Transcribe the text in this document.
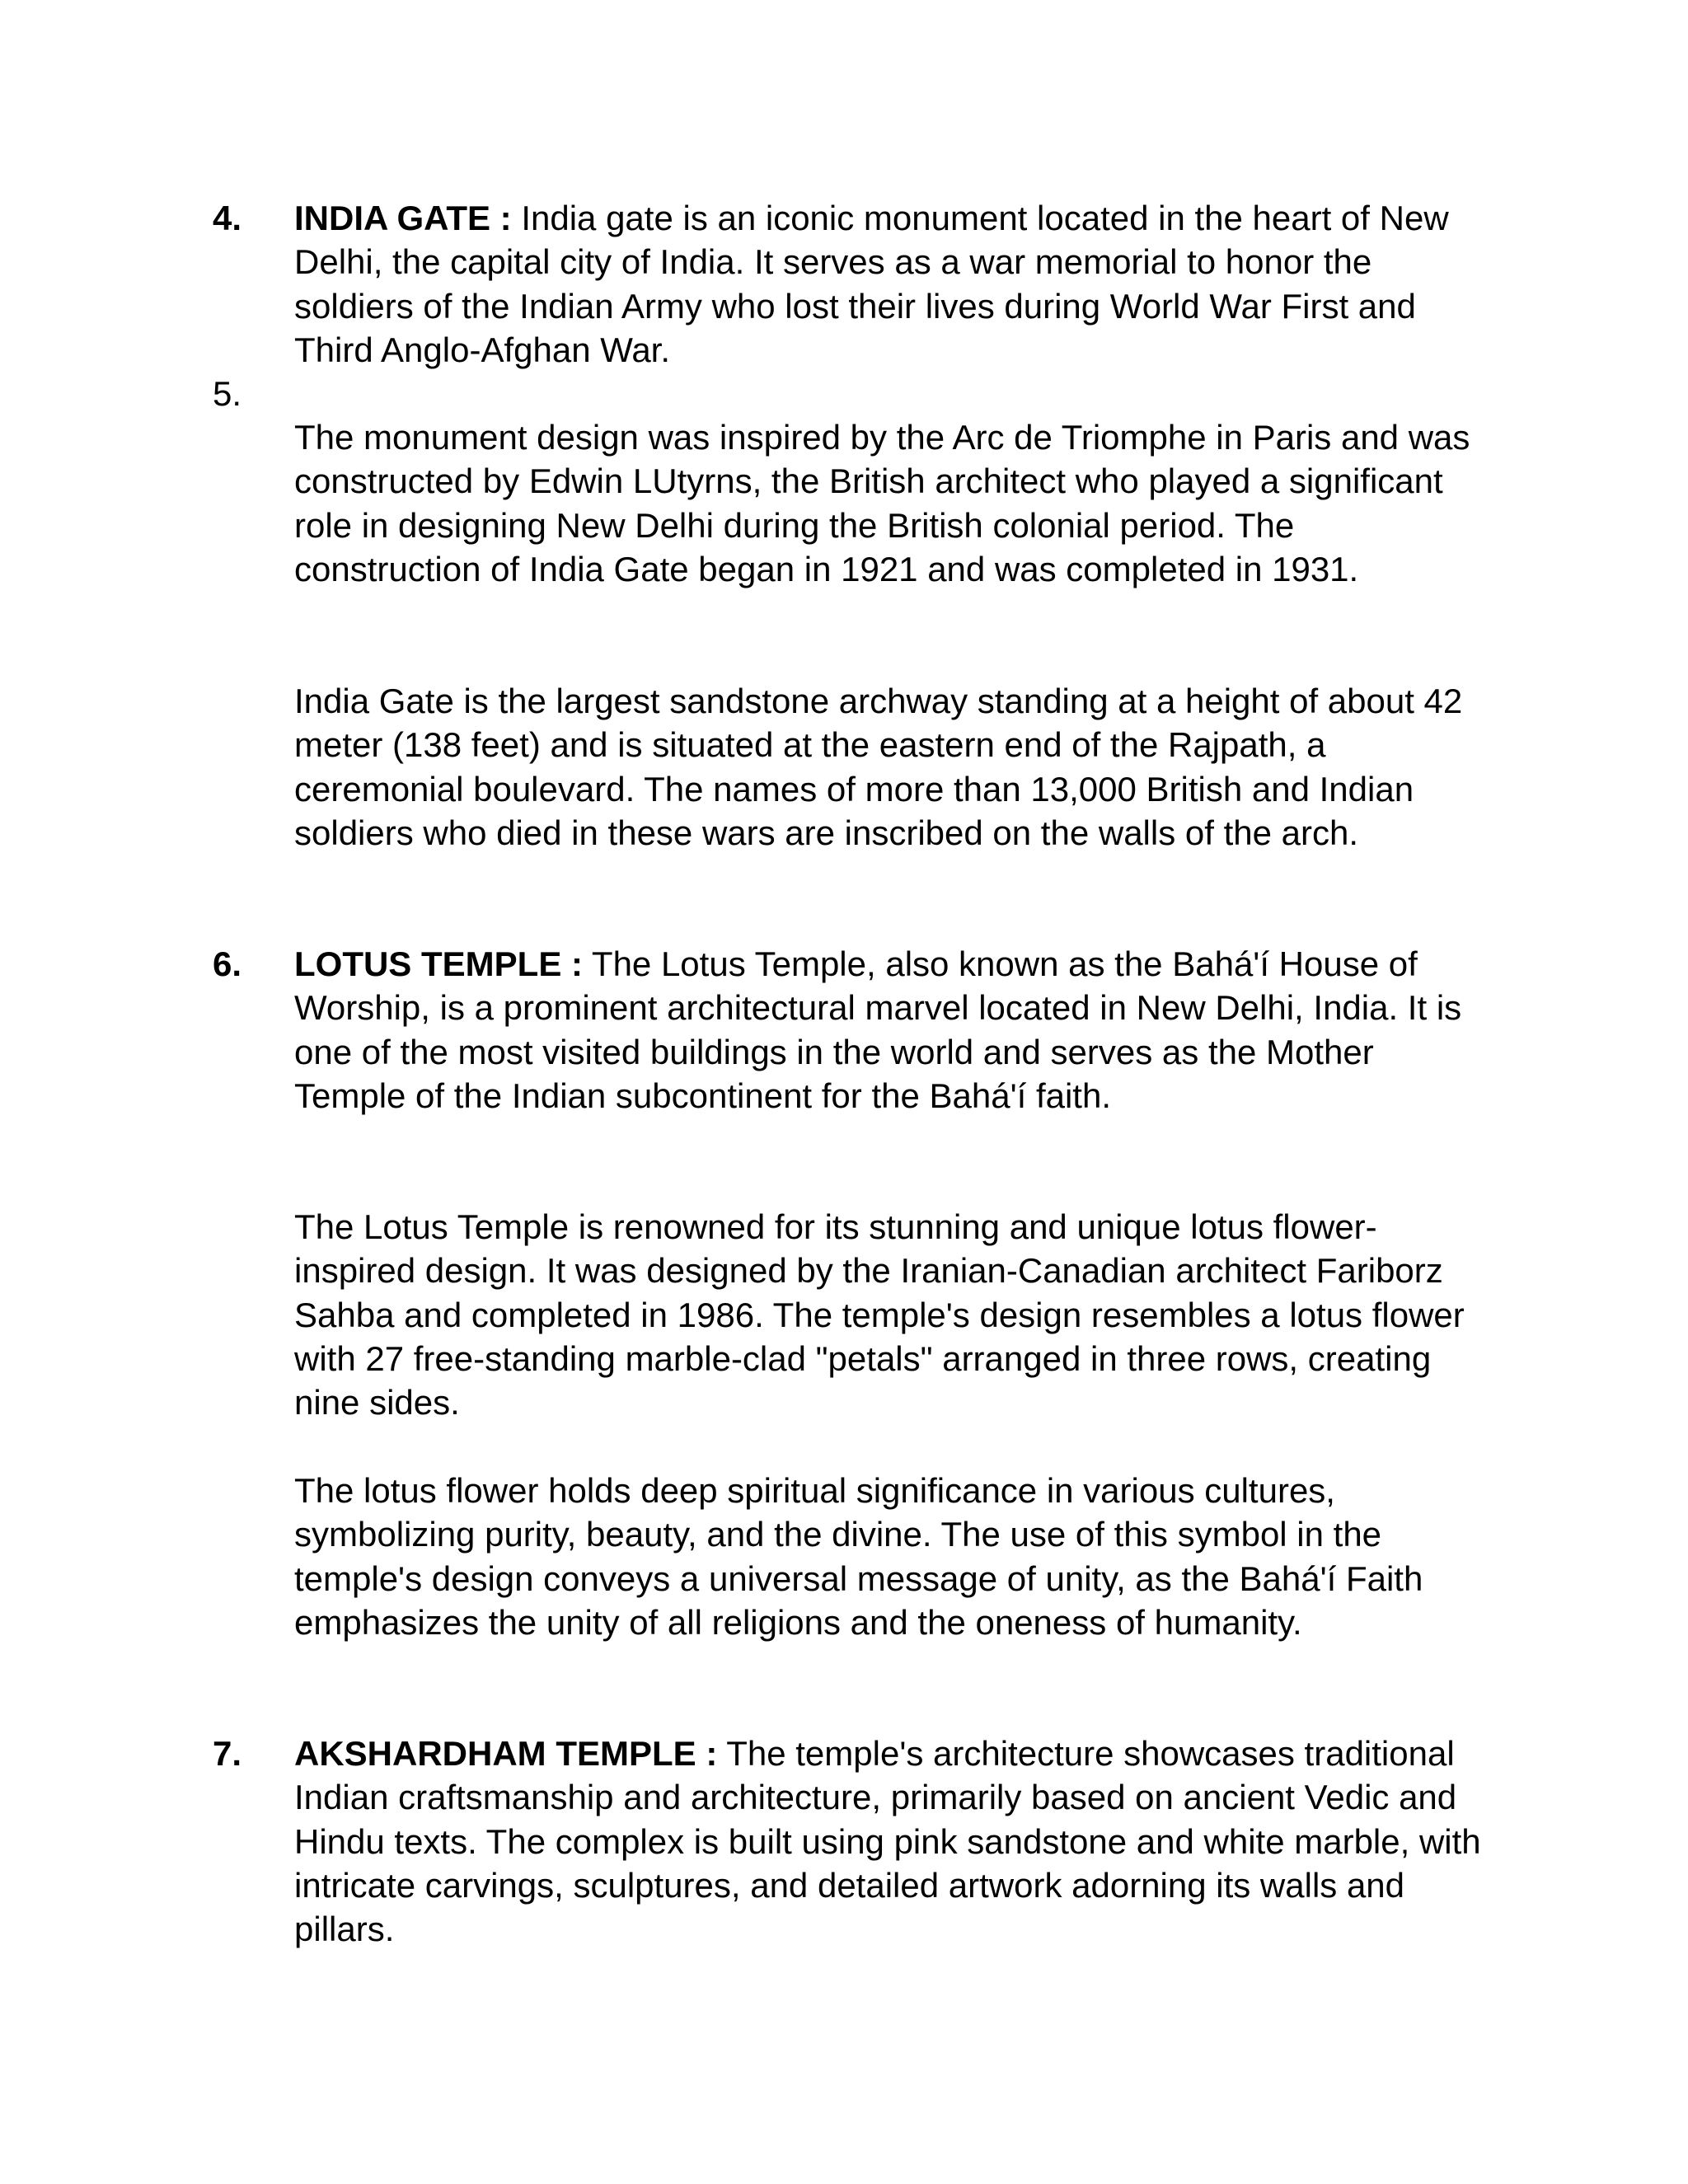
4. INDIA GATE : India gate is an iconic monument located in the heart of New Delhi, the capital city of India. It serves as a war memorial to honor the soldiers of the Indian Army who lost their lives during World War First and Third Anglo-Afghan War.

5.

The monument design was inspired by the Arc de Triomphe in Paris and was constructed by Edwin LUtyrns, the British architect who played a significant role in designing New Delhi during the British colonial period. The construction of India Gate began in 1921 and was completed in 1931.

India Gate is the largest sandstone archway standing at a height of about 42 meter (138 feet) and is situated at the eastern end of the Rajpath, a ceremonial boulevard. The names of more than 13,000 British and Indian soldiers who died in these wars are inscribed on the walls of the arch.

6. LOTUS TEMPLE : The Lotus Temple, also known as the Bahá'í House of Worship, is a prominent architectural marvel located in New Delhi, India. It is one of the most visited buildings in the world and serves as the Mother Temple of the Indian subcontinent for the Bahá'í faith.

The Lotus Temple is renowned for its stunning and unique lotus flower-inspired design. It was designed by the Iranian-Canadian architect Fariborz Sahba and completed in 1986. The temple's design resembles a lotus flower with 27 free-standing marble-clad "petals" arranged in three rows, creating nine sides.

The lotus flower holds deep spiritual significance in various cultures, symbolizing purity, beauty, and the divine. The use of this symbol in the temple's design conveys a universal message of unity, as the Bahá'í Faith emphasizes the unity of all religions and the oneness of humanity.

7. AKSHARDHAM TEMPLE : The temple's architecture showcases traditional Indian craftsmanship and architecture, primarily based on ancient Vedic and Hindu texts. The complex is built using pink sandstone and white marble, with intricate carvings, sculptures, and detailed artwork adorning its walls and pillars.
